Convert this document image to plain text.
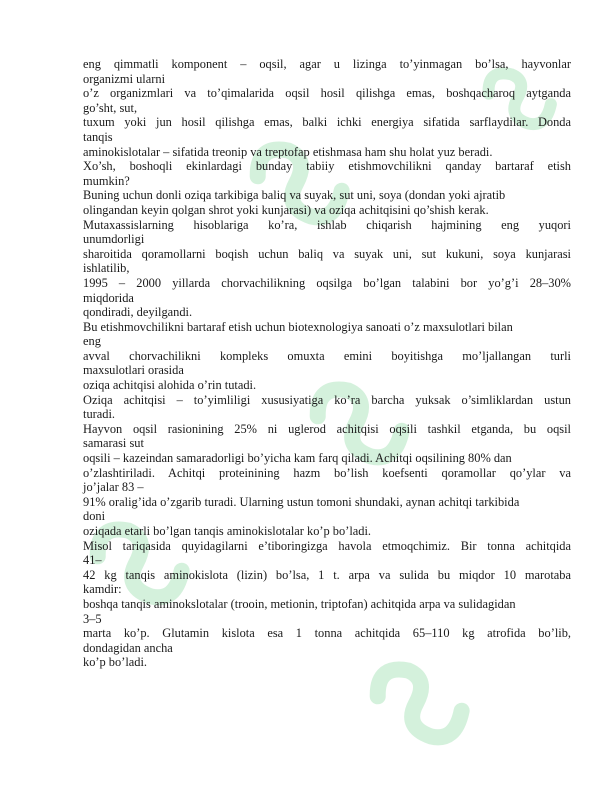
eng qimmatli komponent – oqsil, agar u lizinga to’yinmagan bo’lsa, hayvonlar
organizmi ularni
o’z organizmlari va to’qimalarida oqsil hosil qilishga emas, boshqacharoq aytganda
go’sht, sut,
tuxum yoki jun hosil qilishga emas, balki ichki energiya sifatida sarflaydilar. Donda
tanqis
aminokislotalar – sifatida treonip va treptofap etishmasa ham shu holat yuz beradi.
Xo’sh, boshoqli ekinlardagi bunday tabiiy etishmovchilikni qanday bartaraf etish
mumkin?
Buning uchun donli oziqa tarkibiga baliq va suyak, sut uni, soya (dondan yoki ajratib
olingandan keyin qolgan shrot yoki kunjarasi) va oziqa achitqisini qo’shish kerak.
Mutaxassislarning hisoblariga ko’ra, ishlab chiqarish hajmining eng yuqori
unumdorligi
sharoitida qoramollarni boqish uchun baliq va suyak uni, sut kukuni, soya kunjarasi
ishlatilib,
1995 – 2000 yillarda chorvachilikning oqsilga bo’lgan talabini bor yo’g’i 28–30%
miqdorida
qondiradi, deyilgandi.
Bu etishmovchilikni bartaraf etish uchun biotexnologiya sanoati o’z maxsulotlari bilan
eng
avval chorvachilikni kompleks omuxta emini boyitishga mo’ljallangan turli
maxsulotlari orasida
oziqa achitqisi alohida o’rin tutadi.
Oziqa achitqisi – to’yimliligi xususiyatiga ko’ra barcha yuksak o’simliklardan ustun
turadi.
Hayvon oqsil rasionining 25% ni uglerod achitqisi oqsili tashkil etganda, bu oqsil
samarasi sut
oqsili – kazeindan samaradorligi bo’yicha kam farq qiladi. Achitqi oqsilining 80% dan
o’zlashtiriladi. Achitqi proteinining hazm bo’lish koefsenti qoramollar qo’ylar va
jo’jalar 83 –
91% oralig’ida o’zgarib turadi. Ularning ustun tomoni shundaki, aynan achitqi tarkibida
doni
oziqada etarli bo’lgan tanqis aminokislotalar ko’p bo’ladi.
Misol tariqasida quyidagilarni e’tiboringizga havola etmoqchimiz. Bir tonna achitqida
41–
42 kg tanqis aminokislota (lizin) bo’lsa, 1 t. arpa va sulida bu miqdor 10 marotaba
kamdir:
boshqa tanqis aminokslotalar (trooin, metionin, triptofan) achitqida arpa va sulidagidan
3–5
marta ko’p. Glutamin kislota esa 1 tonna achitqida 65–110 kg atrofida bo’lib,
dondagidan ancha
ko’p bo’ladi.
